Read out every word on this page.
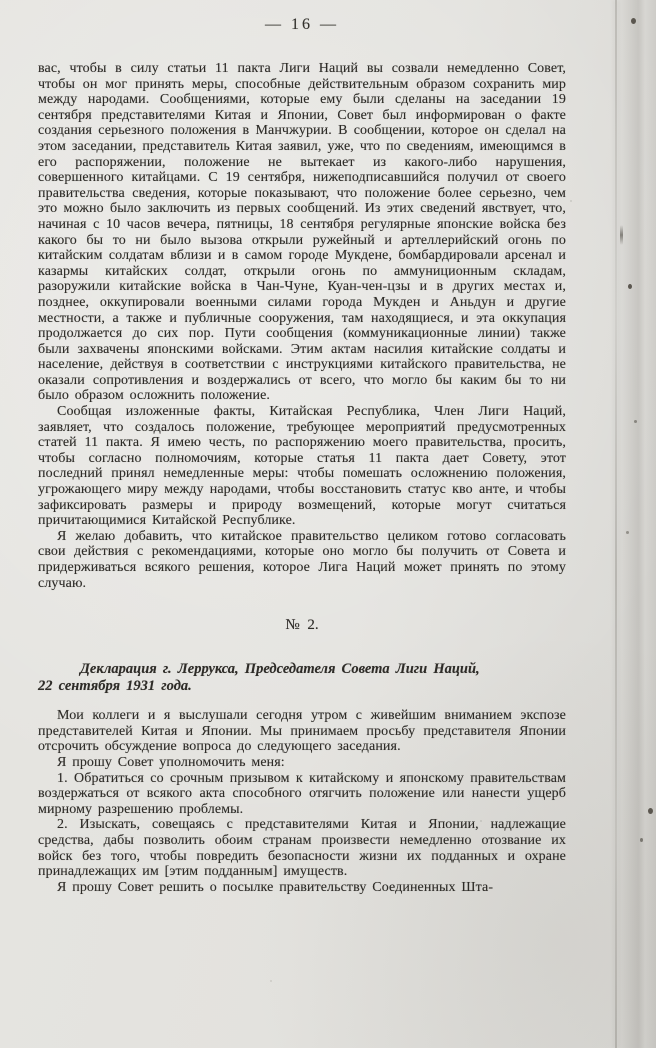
— 16 —

вас, чтобы в силу статьи 11 пакта Лиги Наций вы созвали немедленно Совет, чтобы он мог принять меры, способные действительным образом сохранить мир между народами. Сообщениями, которые ему были сделаны на заседании 19 сентября представителями Китая и Японии, Совет был информирован о факте создания серьезного положения в Манчжурии. В сообщении, которое он сделал на этом заседании, представитель Китая заявил, уже, что по сведениям, имеющимся в его распоряжении, положение не вытекает из какого-либо нарушения, совершенного китайцами. С 19 сентября, нижеподписавшийся получил от своего правительства сведения, которые показывают, что положение более серьезно, чем это можно было заключить из первых сообщений. Из этих сведений явствует, что, начиная с 10 часов вечера, пятницы, 18 сентября регулярные японские войска без какого бы то ни было вызова открыли ружейный и артеллерийский огонь по китайским солдатам вблизи и в самом городе Мукдене, бомбардировали арсенал и казармы китайских солдат, открыли огонь по аммуниционным складам, разоружили китайские войска в Чан-Чуне, Куан-чен-цзы и в других местах и, позднее, оккупировали военными силами города Мукден и Аньдун и другие местности, а также и публичные сооружения, там находящиеся, и эта оккупация продолжается до сих пор. Пути сообщения (коммуникационные линии) также были захвачены японскими войсками. Этим актам насилия китайские солдаты и население, действуя в соответствии с инструкциями китайского правительства, не оказали сопротивления и воздержались от всего, что могло бы каким бы то ни было образом осложнить положение.

Сообщая изложенные факты, Китайская Республика, Член Лиги Наций, заявляет, что создалось положение, требующее мероприятий предусмотренных статей 11 пакта. Я имею честь, по распоряжению моего правительства, просить, чтобы согласно полномочиям, которые статья 11 пакта дает Совету, этот последний принял немедленные меры: чтобы помешать осложнению положения, угрожающего миру между народами, чтобы восстановить статус кво анте, и чтобы зафиксировать размеры и природу возмещений, которые могут считаться причитающимися Китайской Республике.

Я желаю добавить, что китайское правительство целиком готово согласовать свои действия с рекомендациями, которые оно могло бы получить от Совета и придерживаться всякого решения, которое Лига Наций может принять по этому случаю.

№ 2.
Декларация г. Леррукса, Председателя Совета Лиги Наций,
22 сентября 1931 года.

Мои коллеги и я выслушали сегодня утром с живейшим вниманием экспозе представителей Китая и Японии. Мы принимаем просьбу представителя Японии отсрочить обсуждение вопроса до следующего заседания.

Я прошу Совет уполномочить меня:

1. Обратиться со срочным призывом к китайскому и японскому правительствам воздержаться от всякого акта способного отягчить положение или нанести ущерб мирному разрешению проблемы.

2. Изыскать, совещаясь с представителями Китая и Японии, надлежащие средства, дабы позволить обоим странам произвести немедленно отозвание их войск без того, чтобы повредить безопасности жизни их подданных и охране принадлежащих им [этим подданным] имуществ.

Я прошу Совет решить о посылке правительству Соединенных Шта-
